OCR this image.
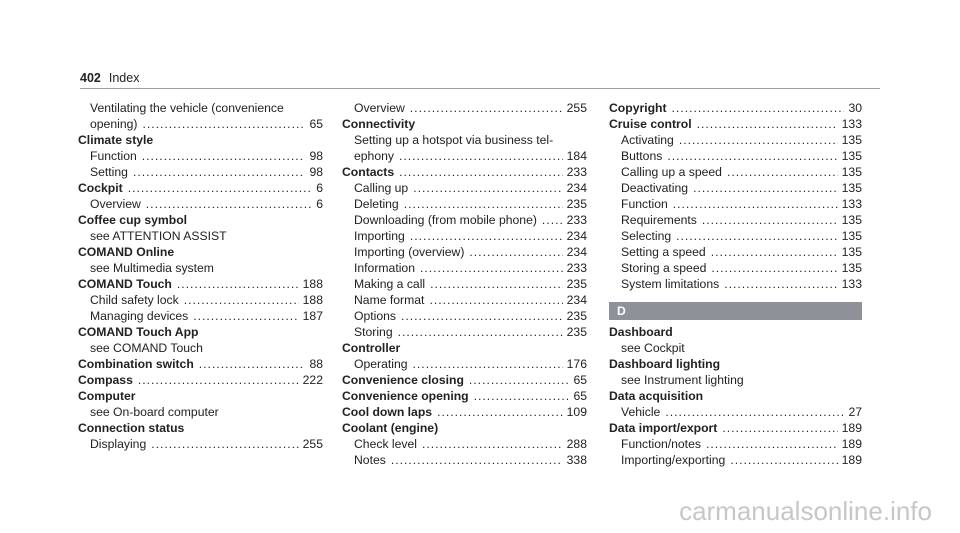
402 Index
Ventilating the vehicle (convenience
opening) .....	65
Climate style
Function .....	98
Setting .....	98
Cockpit .....	6
Overview .....	6
Coffee cup symbol
see ATTENTION ASSIST
COMAND Online
see Multimedia system
COMAND Touch .....	188
Child safety lock .....	188
Managing devices .....	187
COMAND Touch App
see COMAND Touch
Combination switch .....	88
Compass .....	222
Computer
see On-board computer
Connection status
Displaying .....	255
Overview .....	255
Connectivity
Setting up a hotspot via business tel-
ephony .....	184
Contacts .....	233
Calling up .....	234
Deleting .....	235
Downloading (from mobile phone) ..... 233
Importing .....	234
Importing (overview) .....	234
Information .....	233
Making a call .....	235
Name format .....	234
Options .....	235
Storing .....	235
Controller
Operating .....	176
Convenience closing .....	65
Convenience opening .....	65
Cool down laps .....	109
Coolant (engine)
Check level .....	288
Notes .....	338
Copyright .....	30
Cruise control .....	133
Activating .....	135
Buttons .....	135
Calling up a speed .....	135
Deactivating .....	135
Function .....	133
Requirements .....	135
Selecting .....	135
Setting a speed .....	135
Storing a speed .....	135
System limitations .....	133
D
Dashboard
see Cockpit
Dashboard lighting
see Instrument lighting
Data acquisition
Vehicle .....	27
Data import/export .....	189
Function/notes .....	189
Importing/exporting .....	189
carmanualsonline.info
